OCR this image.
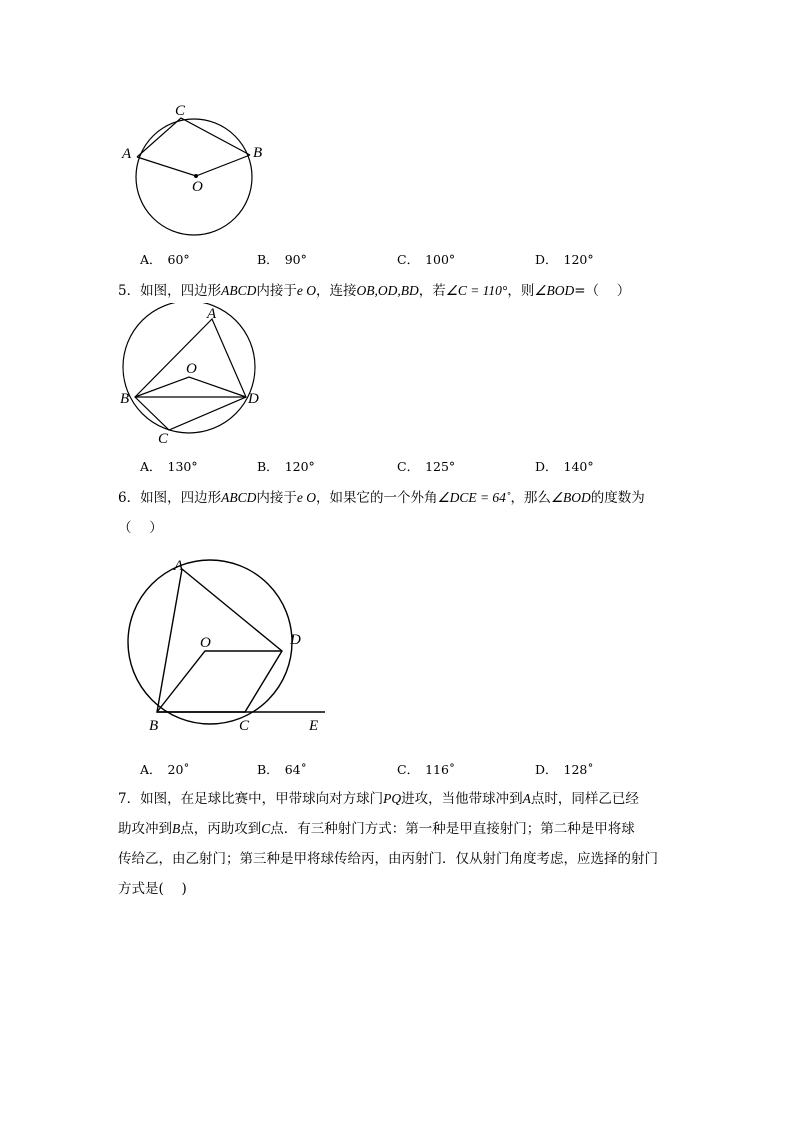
C
A	B
O
A． 60°	B． 90°	C． 100°	D． 120°
5．如图，四边形ABCD内接于e O，连接OB,OD,BD，若∠C = 110°，则∠BOD=（　 ）
A
O
B	D
C
A． 130°	B． 120°	C． 125°	D． 140°
6．如图，四边形ABCD内接于e O，如果它的一个外角∠DCE = 64˚，那么∠BOD的度数为
（　 ）
A
O	D
B	C	E
A． 20˚	B． 64˚	C． 116˚	D． 128˚
7．如图，在足球比赛中，甲带球向对方球门PQ进攻，当他带球冲到A点时，同样乙已经
助攻冲到B点，丙助攻到C点．有三种射门方式：第一种是甲直接射门；第二种是甲将球
传给乙，由乙射门；第三种是甲将球传给丙，由丙射门．仅从射门角度考虑，应选择的射门
方式是(　 )
